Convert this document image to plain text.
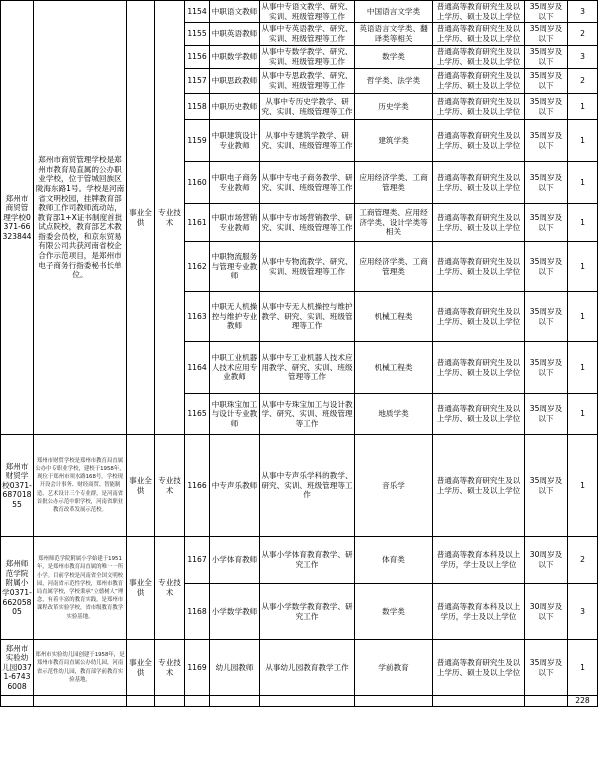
郑州市商贸管理学校0371-66323844	郑州市商贸管理学校是郑州市教育局直属的公办职业学校，位于管城回族区陇海东路1号。学校是河南省文明校园，挂牌教育部教师工作司教师流动站，教育部1+X证书制度首批试点院校，教育部艺术教指委会员校，和京东贸易有限公司共获河南省校企合作示范项目，是郑州市电子商务行指委秘书长单位。	事业全供	专业技术	1154	中职语文教师	从事中专语文教学、研究、实训、班级管理等工作	中国语言文学类	普通高等教育研究生及以上学历、硕士及以上学位	35周岁及以下	3
				1155	中职英语教师	从事中专英语教学、研究、实训、班级管理等工作	英语语言文学类、翻译类等相关	普通高等教育研究生及以上学历、硕士及以上学位	35周岁及以下	2
				1156	中职数学教师	从事中专数学教学、研究、实训、班级管理等工作	数学类	普通高等教育研究生及以上学历、硕士及以上学位	35周岁及以下	3
				1157	中职思政教师	从事中专思政教学、研究、实训、班级管理等工作	哲学类、法学类	普通高等教育研究生及以上学历、硕士及以上学位	35周岁及以下	2
				1158	中职历史教师	从事中专历史学教学、研究、实训、班级管理等工作	历史学类	普通高等教育研究生及以上学历、硕士及以上学位	35周岁及以下	1
				1159	中职建筑设计专业教师	从事中专建筑学教学、研究、实训、班级管理等工作	建筑学类	普通高等教育研究生及以上学历、硕士及以上学位	35周岁及以下	1
				1160	中职电子商务专业教师	从事中专电子商务教学、研究、实训、班级管理等工作	应用经济学类、工商管理类	普通高等教育研究生及以上学历、硕士及以上学位	35周岁及以下	1
				1161	中职市场营销专业教师	从事中专市场营销教学、研究、实训、班级管理等工作	工商管理类、应用经济学类、设计学类等相关	普通高等教育研究生及以上学历、硕士及以上学位	35周岁及以下	1
				1162	中职物流服务与管理专业教师	从事中专物流教学、研究、实训、班级管理等工作	应用经济学类、工商管理类	普通高等教育研究生及以上学历、硕士及以上学位	35周岁及以下	1
				1163	中职无人机操控与维护专业教师	从事中专无人机操控与维护教学、研究、实训、班级管理等工作	机械工程类	普通高等教育研究生及以上学历、硕士及以上学位	35周岁及以下	1
				1164	中职工业机器人技术应用专业教师	从事中专工业机器人技术应用教学、研究、实训、班级管理等工作	机械工程类	普通高等教育研究生及以上学历、硕士及以上学位	35周岁及以下	1
				1165	中职珠宝加工与设计专业教师	从事中专珠宝加工与设计教学、研究、实训、班级管理等工作	地质学类	普通高等教育研究生及以上学历、硕士及以上学位	35周岁及以下	1
郑州市财贸学校0371-68701855	郑州市财贸学校是郑州市教育局直属公办中专职业学校，建校于1958年，现位于郑州市须水路168号。学校现开设会计事务、财经商贸、智能制造、艺术设计三个专业群，是河南省首批公办示范中职学校，河南省职业教育改革发展示范校。	事业全供	专业技术	1166	中专声乐教师	从事中专声乐学科的教学、研究、实训、班级管理等工作	音乐学	普通高等教育研究生及以上学历、硕士及以上学位	35周岁及以下	1
郑州师范学院附属小学0371-66205805	郑州师范学院附属小学始建于1951年，是郑州市教育局直属的唯一一所小学。目前学校是河南省全国文明校园，河南省示范性学校，郑州市教育局直属学校，学校秉承“立德树人”理念，有着丰富的教育实践，是郑州市课程改革实验学校，省市级教育教学实验基地。	事业全供	专业技术	1167	小学体育教师	从事小学体育教育教学、研究工作	体育类	普通高等教育本科及以上学历，学士及以上学位	30周岁及以下	2
				1168	小学数学教师	从事小学数学教育教学、研究工作	数学类	普通高等教育本科及以上学历，学士及以上学位	30周岁及以下	3
郑州市实验幼儿园0371-67436008	郑州市实验幼儿园创建于1958年，是郑州市教育局直属公办幼儿园，河南省示范性幼儿园，教育部学前教育实验基地。	事业全供	专业技术	1169	幼儿园教师	从事幼儿园教育教学工作	学前教育	普通高等教育研究生及以上学历、硕士及以上学位	35周岁及以下	1
										228
